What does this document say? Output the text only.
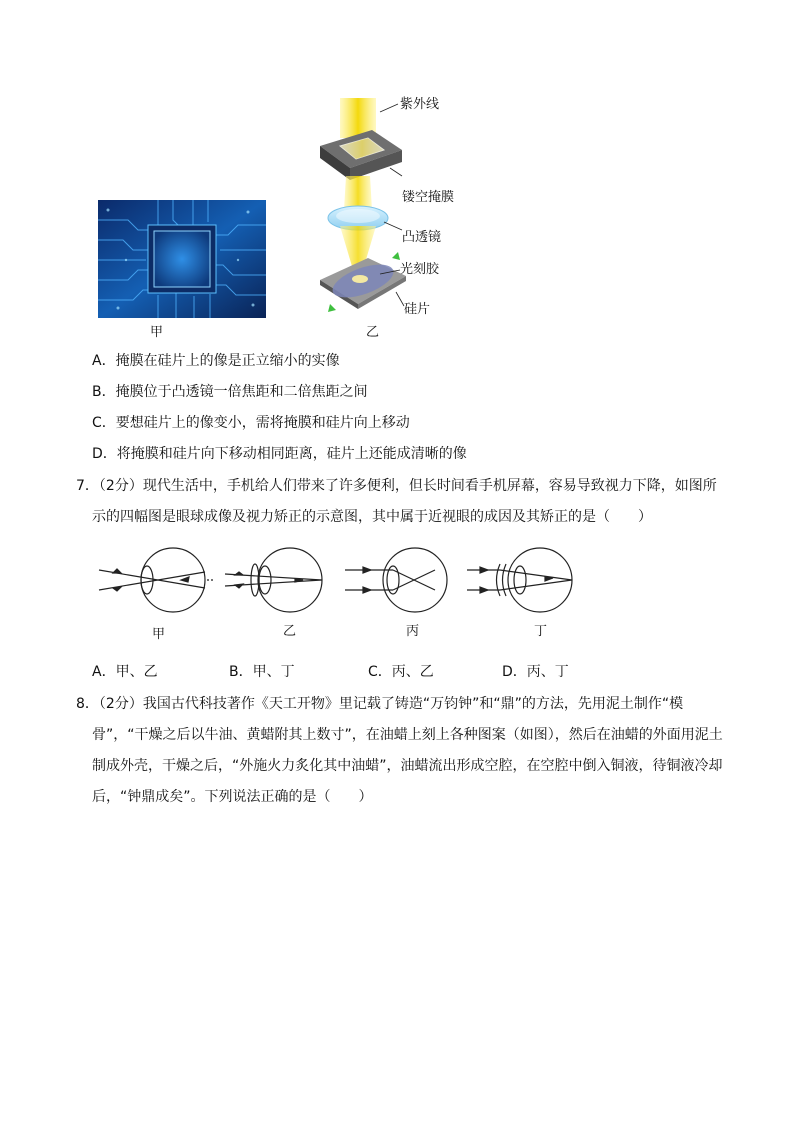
甲
紫外线
镂空掩膜
凸透镜
光刻胶
硅片
乙
A．掩膜在硅片上的像是正立缩小的实像
B．掩膜位于凸透镜一倍焦距和二倍焦距之间
C．要想硅片上的像变小，需将掩膜和硅片向上移动
D．将掩膜和硅片向下移动相同距离，硅片上还能成清晰的像
7．（2分）现代生活中，手机给人们带来了许多便利，但长时间看手机屏幕，容易导致视力下降，如图所
示的四幅图是眼球成像及视力矫正的示意图，其中属于近视眼的成因及其矫正的是（　　）
甲	乙	丙	丁
A．甲、乙	B．甲、丁	C．丙、乙	D．丙、丁
8．（2分）我国古代科技著作《天工开物》里记载了铸造“万钧钟”和“鼎”的方法，先用泥土制作“模
骨”，“干燥之后以牛油、黄蜡附其上数寸”，在油蜡上刻上各种图案（如图），然后在油蜡的外面用泥土
制成外壳，干燥之后，“外施火力炙化其中油蜡”，油蜡流出形成空腔，在空腔中倒入铜液，待铜液冷却
后，“钟鼎成矣”。下列说法正确的是（　　）
